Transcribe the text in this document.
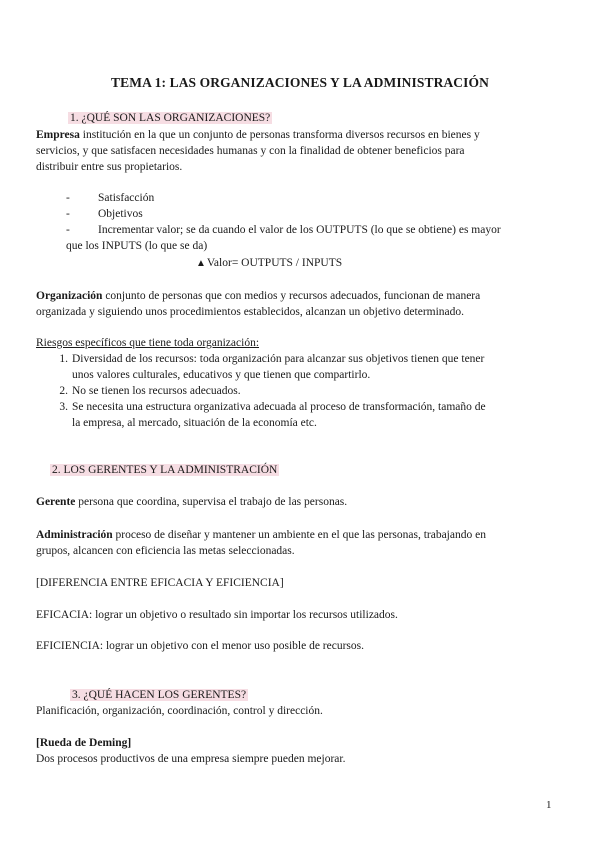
TEMA 1: LAS ORGANIZACIONES Y LA ADMINISTRACIÓN
1. ¿QUÉ SON LAS ORGANIZACIONES?
Empresa institución en la que un conjunto de personas transforma diversos recursos en bienes y
servicios, y que satisfacen necesidades humanas y con la finalidad de obtener beneficios para
distribuir entre sus propietarios.
- Satisfacción
- Objetivos
- Incrementar valor; se da cuando el valor de los OUTPUTS (lo que se obtiene) es mayor
que los INPUTS (lo que se da)
▲Valor= OUTPUTS / INPUTS
Organización conjunto de personas que con medios y recursos adecuados, funcionan de manera
organizada y siguiendo unos procedimientos establecidos, alcanzan un objetivo determinado.
Riesgos específicos que tiene toda organización:
1. Diversidad de los recursos: toda organización para alcanzar sus objetivos tienen que tener
unos valores culturales, educativos y que tienen que compartirlo.
2. No se tienen los recursos adecuados.
3. Se necesita una estructura organizativa adecuada al proceso de transformación, tamaño de
la empresa, al mercado, situación de la economía etc.
2. LOS GERENTES Y LA ADMINISTRACIÓN
Gerente persona que coordina, supervisa el trabajo de las personas.
Administración proceso de diseñar y mantener un ambiente en el que las personas, trabajando en
grupos, alcancen con eficiencia las metas seleccionadas.
[DIFERENCIA ENTRE EFICACIA Y EFICIENCIA]
EFICACIA: lograr un objetivo o resultado sin importar los recursos utilizados.
EFICIENCIA: lograr un objetivo con el menor uso posible de recursos.
3. ¿QUÉ HACEN LOS GERENTES?
Planificación, organización, coordinación, control y dirección.
[Rueda de Deming]
Dos procesos productivos de una empresa siempre pueden mejorar.
1
